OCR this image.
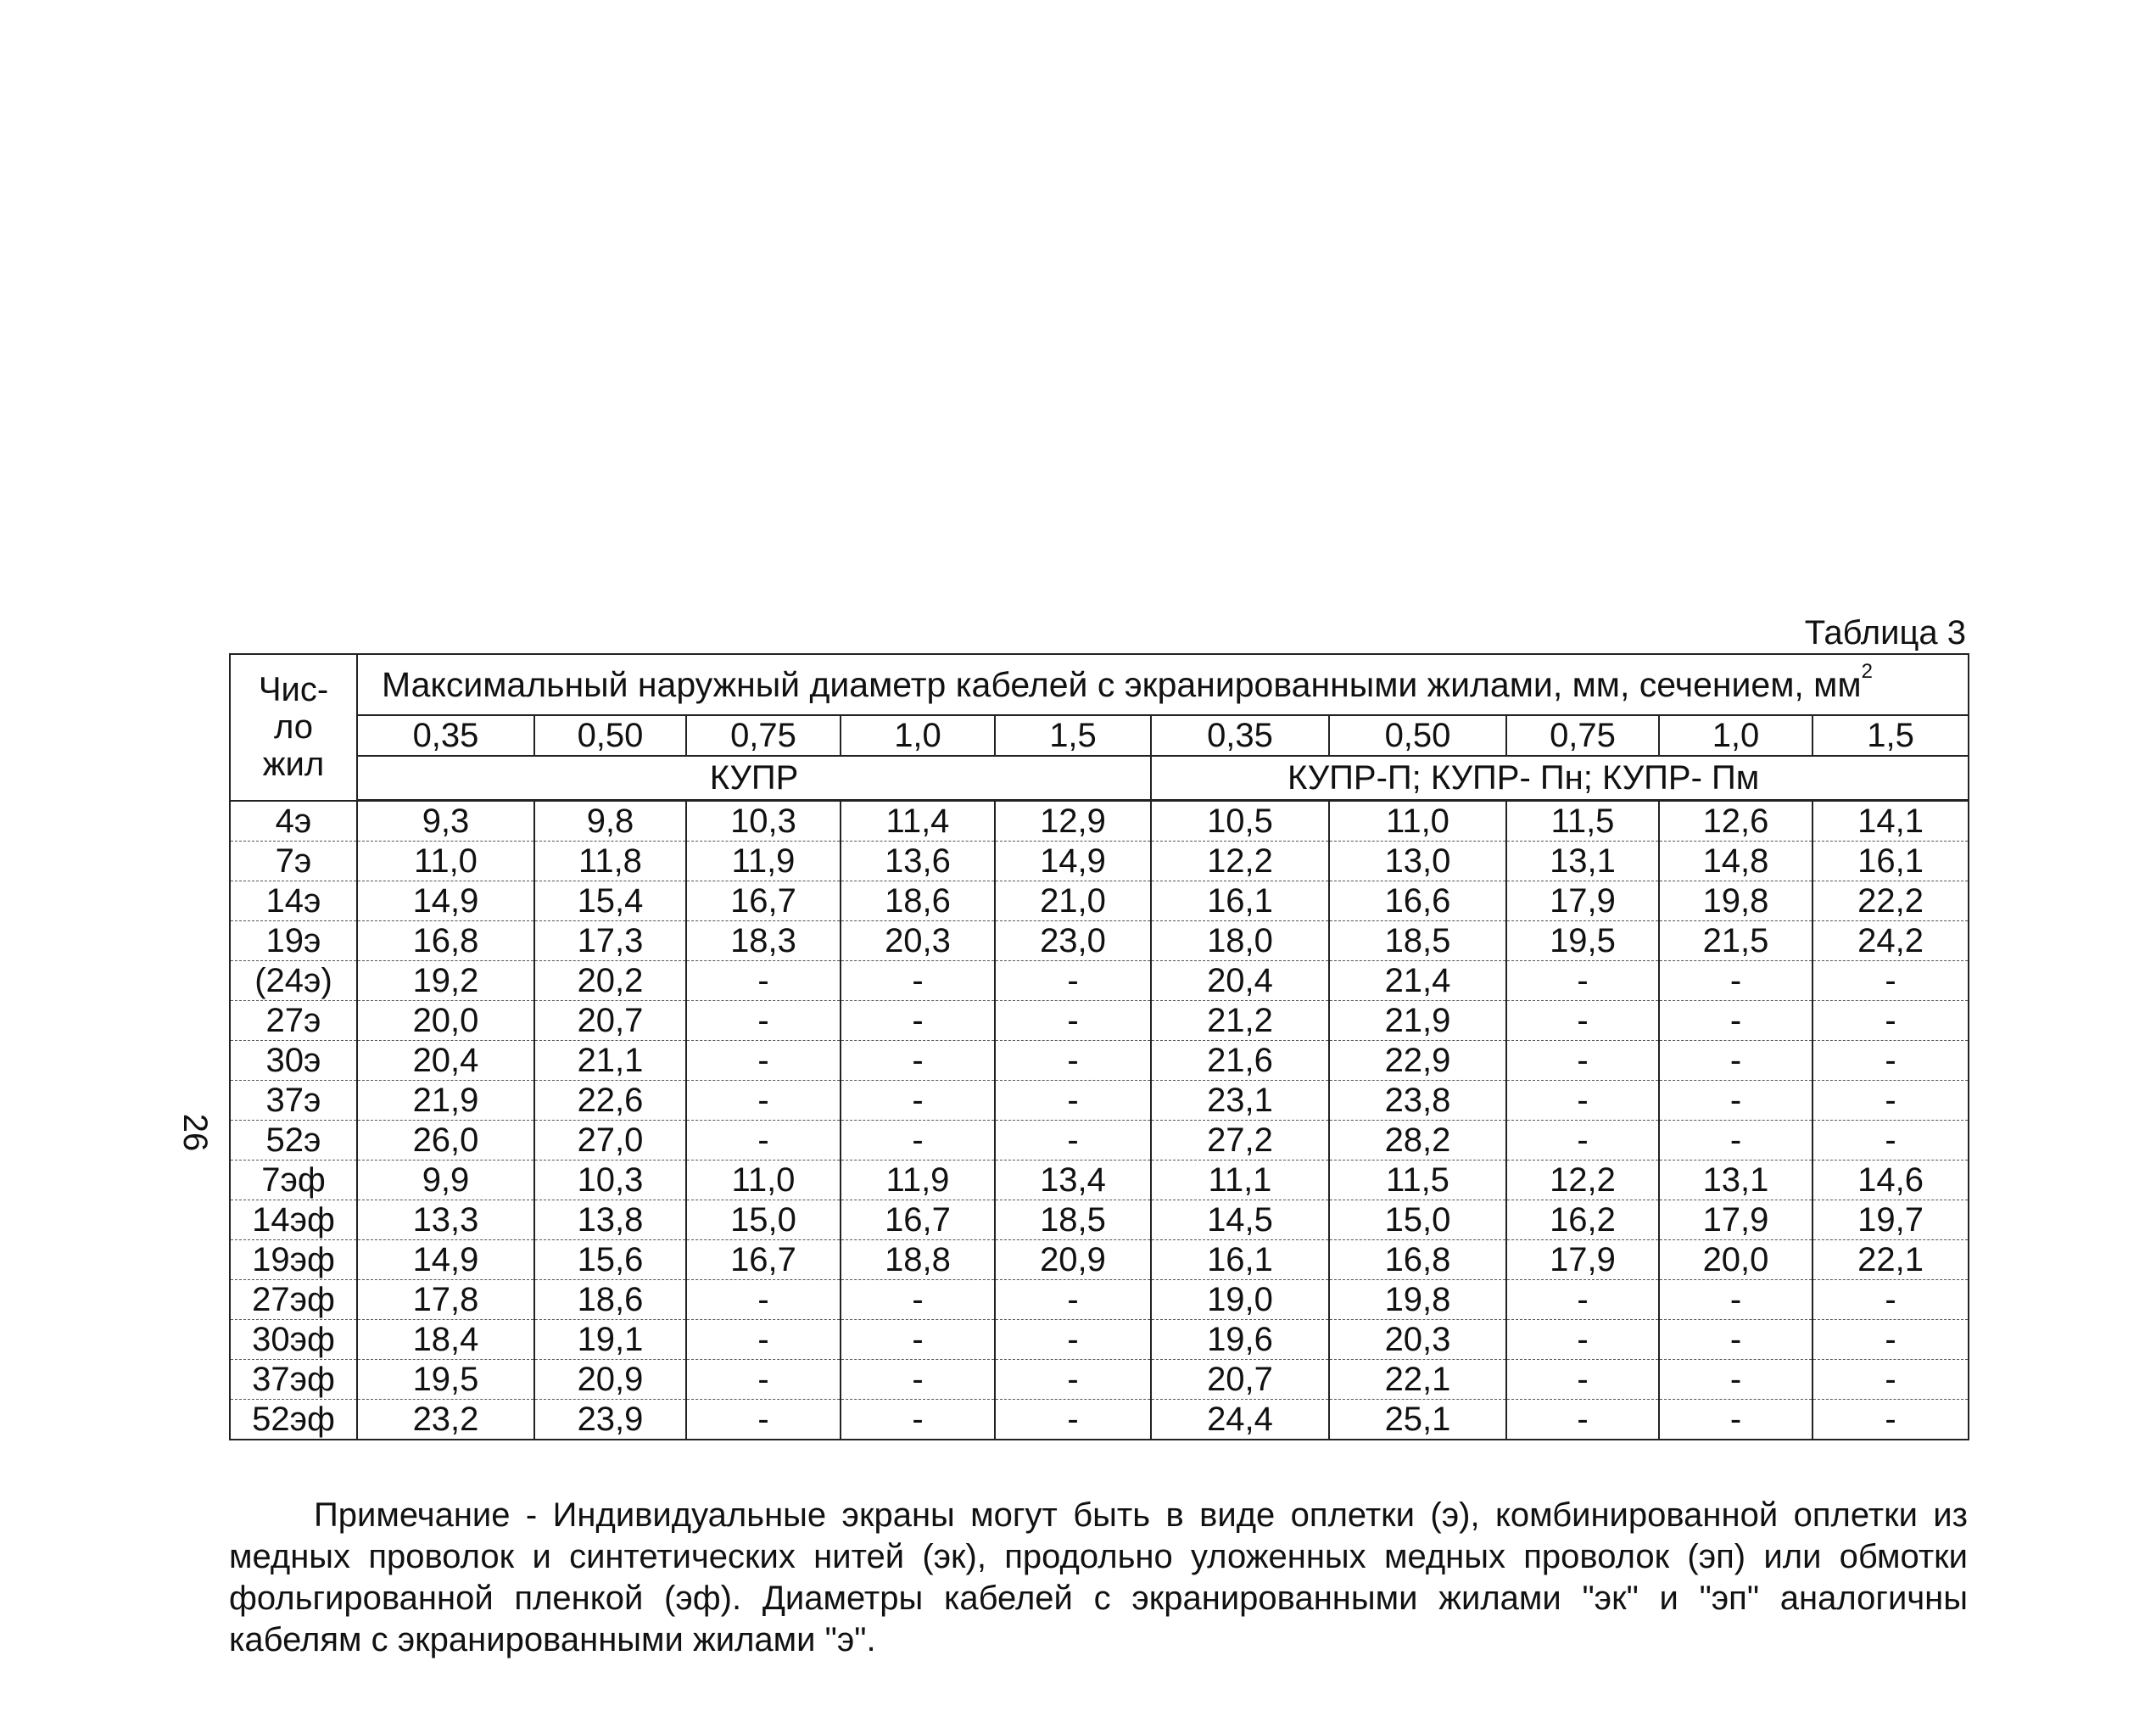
26
Таблица 3
Чис-
ло
жил	Максимальный наружный диаметр кабелей с экранированными жилами, мм, сечением, $мм^2$
	0,35	0,50	0,75	1,0	1,5	0,35	0,50	0,75	1,0	1,5
	КУПР					КУПР-П; КУПР- Пн; КУПР- Пм				
4э	9,3	9,8	10,3	11,4	12,9	10,5	11,0	11,5	12,6	14,1
7э	11,0	11,8	11,9	13,6	14,9	12,2	13,0	13,1	14,8	16,1
14э	14,9	15,4	16,7	18,6	21,0	16,1	16,6	17,9	19,8	22,2
19э	16,8	17,3	18,3	20,3	23,0	18,0	18,5	19,5	21,5	24,2
(24э)	19,2	20,2	-	-	-	20,4	21,4	-	-	-
27э	20,0	20,7	-	-	-	21,2	21,9	-	-	-
30э	20,4	21,1	-	-	-	21,6	22,9	-	-	-
37э	21,9	22,6	-	-	-	23,1	23,8	-	-	-
52э	26,0	27,0	-	-	-	27,2	28,2	-	-	-
7эф	9,9	10,3	11,0	11,9	13,4	11,1	11,5	12,2	13,1	14,6
14эф	13,3	13,8	15,0	16,7	18,5	14,5	15,0	16,2	17,9	19,7
19эф	14,9	15,6	16,7	18,8	20,9	16,1	16,8	17,9	20,0	22,1
27эф	17,8	18,6	-	-	-	19,0	19,8	-	-	-
30эф	18,4	19,1	-	-	-	19,6	20,3	-	-	-
37эф	19,5	20,9	-	-	-	20,7	22,1	-	-	-
52эф	23,2	23,9	-	-	-	24,4	25,1	-	-	-
Примечание - Индивидуальные экраны могут быть в виде оплетки (э), комбинированной оплетки из медных проволок и синтетических нитей (эк), продольно уложенных медных проволок (эп) или обмотки фольгированной пленкой (эф). Диаметры кабелей с экранированными жилами "эк" и "эп" аналогичны кабелям с экранированными жилами "э".
